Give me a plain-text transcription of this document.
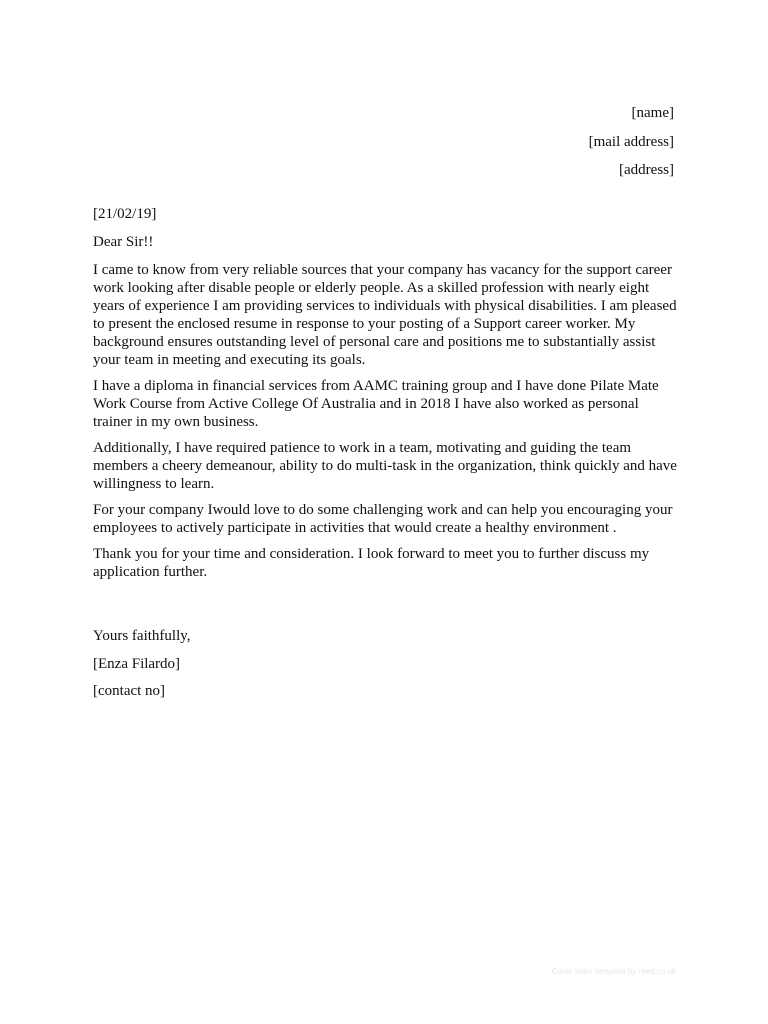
[name]
[mail address]
[address]

[21/02/19]

Dear Sir!!

I came to know from very reliable sources that your company has vacancy for the support career work looking after disable people or elderly people. As a skilled profession with nearly eight years of experience I am providing services to individuals with physical disabilities. I am pleased to present the enclosed resume in response to your posting of a Support career worker. My background ensures outstanding level of personal care and positions me to substantially assist your team in meeting and executing its goals.

I have a diploma in financial services from AAMC training group and I have done Pilate Mate Work Course from Active College Of Australia and in 2018 I have also worked as personal trainer in my own business.

Additionally, I have required patience to work in a team, motivating and guiding the team members a cheery demeanour, ability to do multi-task in the organization, think quickly and have willingness to learn.

For your company Iwould love to do some challenging work and can help you encouraging your employees to actively participate in activities that would create a healthy environment .

Thank you for your time and consideration. I look forward to meet you to further discuss my application further.

Yours faithfully,
[Enza Filardo]
[contact no]
Cover letter template by reed.co.uk
